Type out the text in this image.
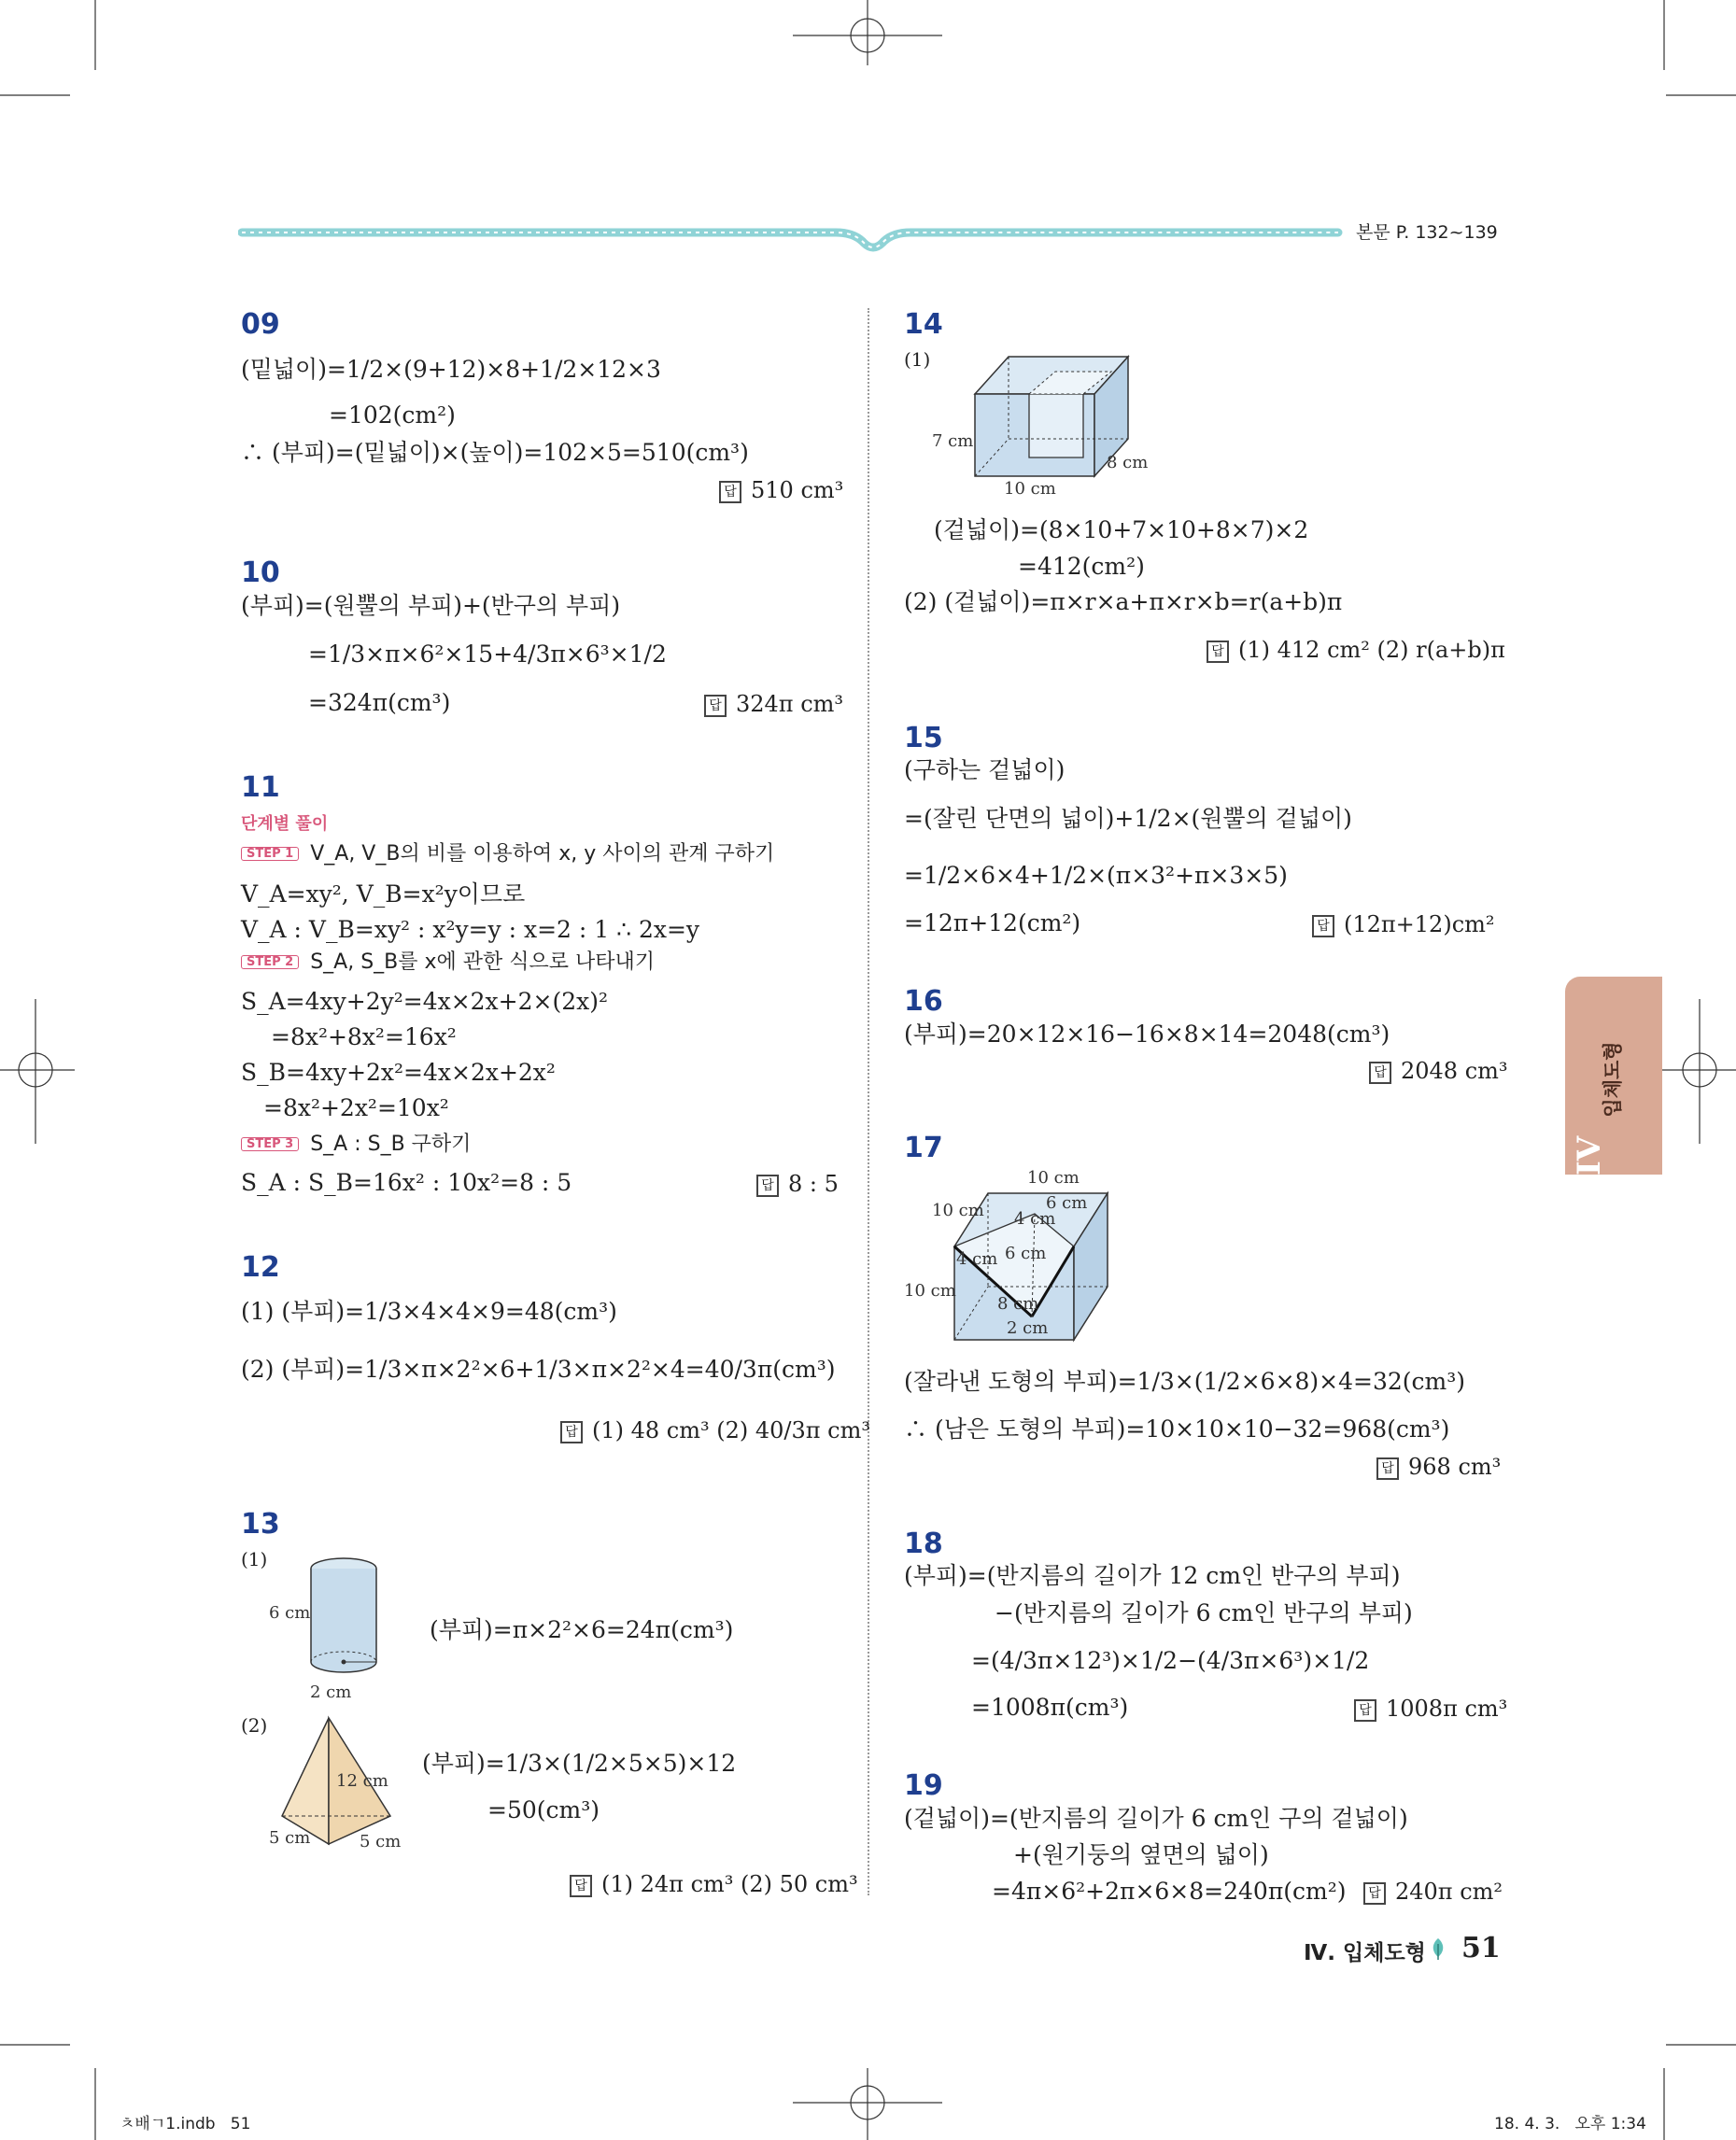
본문 P. 132~139
입체도형
IV
09
(밑넓이)=1/2×(9+12)×8+1/2×12×3
=102(cm²)
∴ (부피)=(밑넓이)×(높이)=102×5=510(cm³)
답 510 cm³
10
(부피)=(원뿔의 부피)+(반구의 부피)
=1/3×π×6²×15+4/3π×6³×1/2
=324π(cm³)	답 324π cm³
11
단계별 풀이
STEP 1 V_A, V_B의 비를 이용하여 x, y 사이의 관계 구하기
V_A=xy², V_B=x²y이므로
V_A : V_B=xy² : x²y=y : x=2 : 1 ∴ 2x=y
STEP 2 S_A, S_B를 x에 관한 식으로 나타내기
S_A=4xy+2y²=4x×2x+2×(2x)²
=8x²+8x²=16x²
S_B=4xy+2x²=4x×2x+2x²
=8x²+2x²=10x²
STEP 3 S_A : S_B 구하기
S_A : S_B=16x² : 10x²=8 : 5	답 8 : 5
12
(1) (부피)=1/3×4×4×9=48(cm³)
(2) (부피)=1/3×π×2²×6+1/3×π×2²×4=40/3π(cm³)
답 (1) 48 cm³ (2) 40/3π cm³
13
(1)
6 cm
2 cm
(부피)=π×2²×6=24π(cm³)
(2)
12 cm
5 cm	5 cm
(부피)=1/3×(1/2×5×5)×12
=50(cm³)
답 (1) 24π cm³ (2) 50 cm³
14
(1)
7 cm
8 cm
10 cm
(겉넓이)=(8×10+7×10+8×7)×2
=412(cm²)
(2) (겉넓이)=π×r×a+π×r×b=r(a+b)π
답 (1) 412 cm² (2) r(a+b)π
15
(구하는 겉넓이)
=(잘린 단면의 넓이)+1/2×(원뿔의 겉넓이)
=1/2×6×4+1/2×(π×3²+π×3×5)
=12π+12(cm²)	답 (12π+12)cm²
16
(부피)=20×12×16−16×8×14=2048(cm³)
답 2048 cm³
17
10 cm
10 cm	6 cm
4 cm
4 cm 6 cm
10 cm
8 cm
2 cm
(잘라낸 도형의 부피)=1/3×(1/2×6×8)×4=32(cm³)
∴ (남은 도형의 부피)=10×10×10−32=968(cm³)
답 968 cm³
18
(부피)=(반지름의 길이가 12 cm인 반구의 부피)
−(반지름의 길이가 6 cm인 반구의 부피)
=(4/3π×12³)×1/2−(4/3π×6³)×1/2
=1008π(cm³)	답 1008π cm³
19
(겉넓이)=(반지름의 길이가 6 cm인 구의 겉넓이)
+(원기둥의 옆면의 넓이)
=4π×6²+2π×6×8=240π(cm²)	답 240π cm²
Ⅳ. 입체도형 51
ㅊ배ㄱ1.indb   51	18. 4. 3.   오후 1:34
